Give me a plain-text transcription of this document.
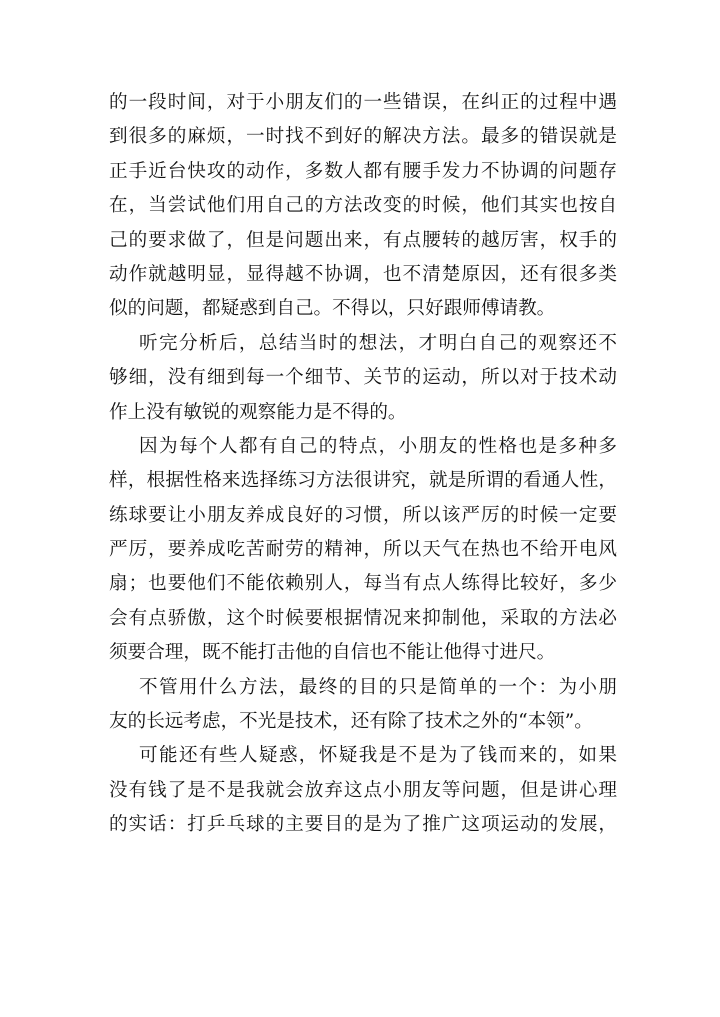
的一段时间，对于小朋友们的一些错误，在纠正的过程中遇
到很多的麻烦，一时找不到好的解决方法。最多的错误就是
正手近台快攻的动作，多数人都有腰手发力不协调的问题存
在，当尝试他们用自己的方法改变的时候，他们其实也按自
己的要求做了，但是问题出来，有点腰转的越厉害，权手的
动作就越明显，显得越不协调，也不清楚原因，还有很多类
似的问题，都疑惑到自己。不得以，只好跟师傅请教。
听完分析后，总结当时的想法，才明白自己的观察还不
够细，没有细到每一个细节、关节的运动，所以对于技术动
作上没有敏锐的观察能力是不得的。
因为每个人都有自己的特点，小朋友的性格也是多种多
样，根据性格来选择练习方法很讲究，就是所谓的看通人性，
练球要让小朋友养成良好的习惯，所以该严厉的时候一定要
严厉，要养成吃苦耐劳的精神，所以天气在热也不给开电风
扇；也要他们不能依赖别人，每当有点人练得比较好，多少
会有点骄傲，这个时候要根据情况来抑制他，采取的方法必
须要合理，既不能打击他的自信也不能让他得寸进尺。
不管用什么方法，最终的目的只是简单的一个：为小朋
友的长远考虑，不光是技术，还有除了技术之外的“本领”。
可能还有些人疑惑，怀疑我是不是为了钱而来的，如果
没有钱了是不是我就会放弃这点小朋友等问题，但是讲心理
的实话：打乒乓球的主要目的是为了推广这项运动的发展，
